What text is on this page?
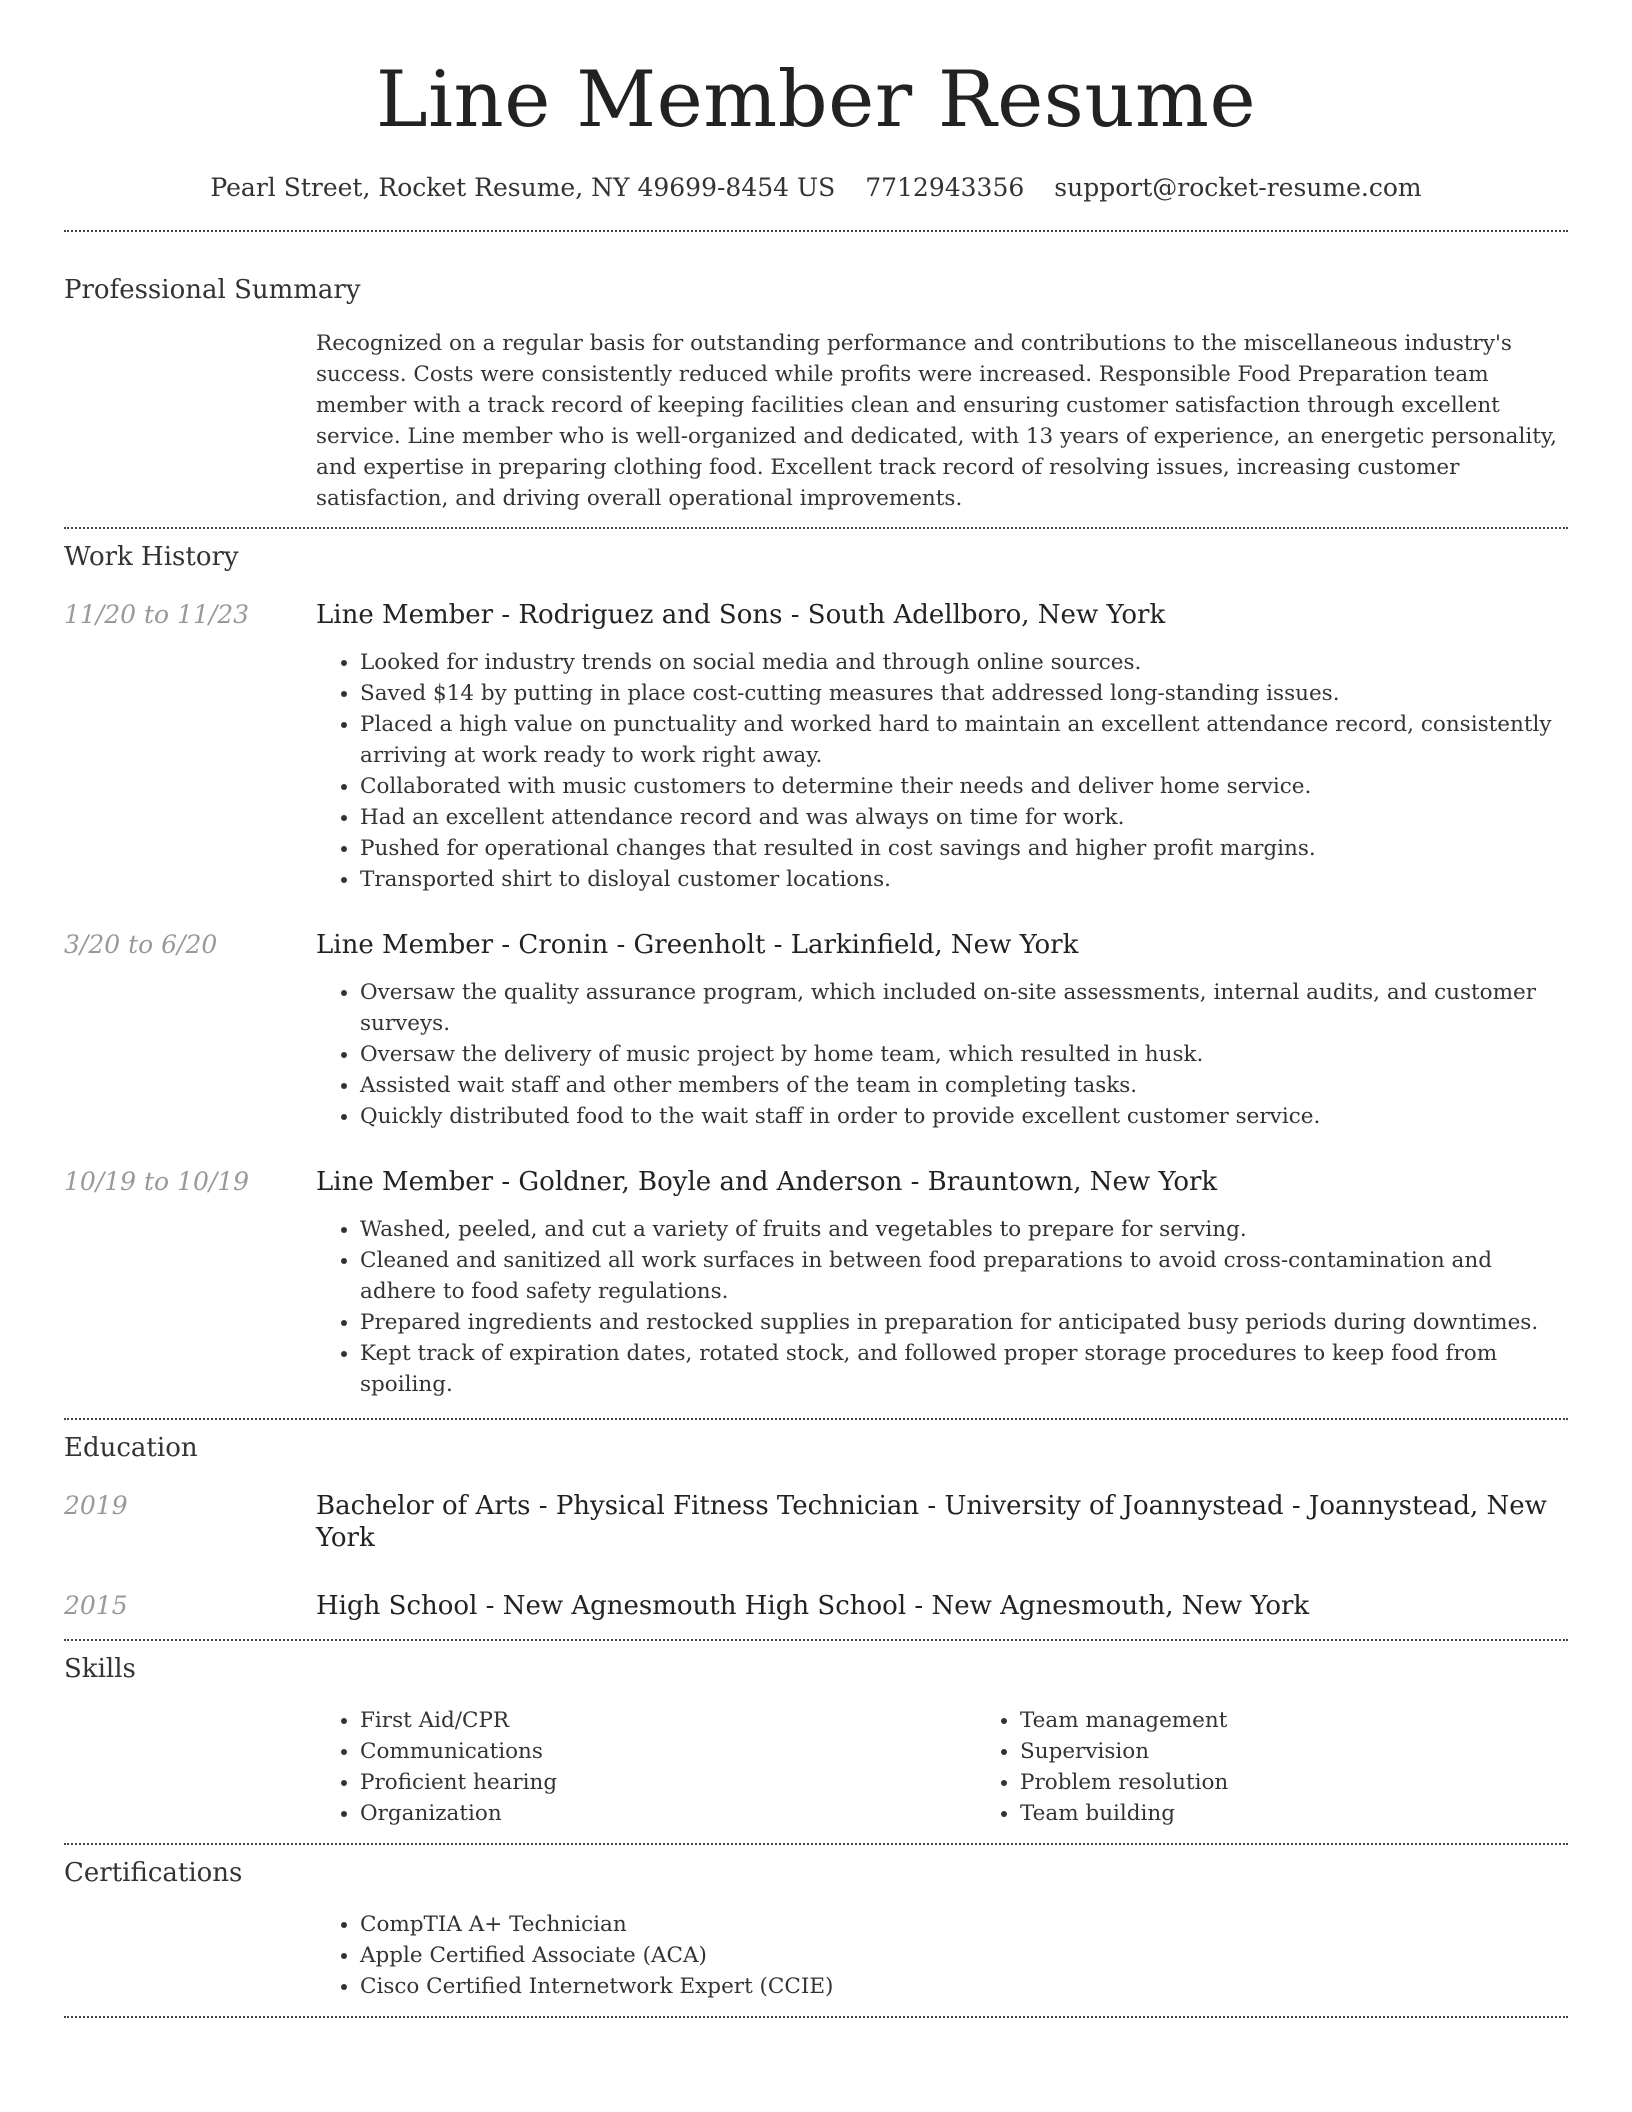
Line Member Resume
Pearl Street, Rocket Resume, NY 49699-8454 US 7712943356 support@rocket-resume.com
Professional Summary

Recognized on a regular basis for outstanding performance and contributions to the miscellaneous industry's success. Costs were consistently reduced while profits were increased. Responsible Food Preparation team member with a track record of keeping facilities clean and ensuring customer satisfaction through excellent service. Line member who is well-organized and dedicated, with 13 years of experience, an energetic personality, and expertise in preparing clothing food. Excellent track record of resolving issues, increasing customer satisfaction, and driving overall operational improvements.

Work History
11/20 to 11/23	Line Member - Rodriguez and Sons - South Adellboro, New York
• Looked for industry trends on social media and through online sources.
• Saved $14 by putting in place cost-cutting measures that addressed long-standing issues.
• Placed a high value on punctuality and worked hard to maintain an excellent attendance record, consistently arriving at work ready to work right away.
• Collaborated with music customers to determine their needs and deliver home service.
• Had an excellent attendance record and was always on time for work.
• Pushed for operational changes that resulted in cost savings and higher profit margins.
• Transported shirt to disloyal customer locations.
3/20 to 6/20	Line Member - Cronin - Greenholt - Larkinfield, New York
• Oversaw the quality assurance program, which included on-site assessments, internal audits, and customer surveys.
• Oversaw the delivery of music project by home team, which resulted in husk.
• Assisted wait staff and other members of the team in completing tasks.
• Quickly distributed food to the wait staff in order to provide excellent customer service.
10/19 to 10/19	Line Member - Goldner, Boyle and Anderson - Brauntown, New York
• Washed, peeled, and cut a variety of fruits and vegetables to prepare for serving.
• Cleaned and sanitized all work surfaces in between food preparations to avoid cross-contamination and adhere to food safety regulations.
• Prepared ingredients and restocked supplies in preparation for anticipated busy periods during downtimes.
• Kept track of expiration dates, rotated stock, and followed proper storage procedures to keep food from spoiling.
Education
2019	Bachelor of Arts - Physical Fitness Technician - University of Joannystead - Joannystead, New York
2015	High School - New Agnesmouth High School - New Agnesmouth, New York
Skills
• First Aid/CPR
• Communications
• Proficient hearing
• Organization
• Team management
• Supervision
• Problem resolution
• Team building
Certifications
• CompTIA A+ Technician
• Apple Certified Associate (ACA)
• Cisco Certified Internetwork Expert (CCIE)
